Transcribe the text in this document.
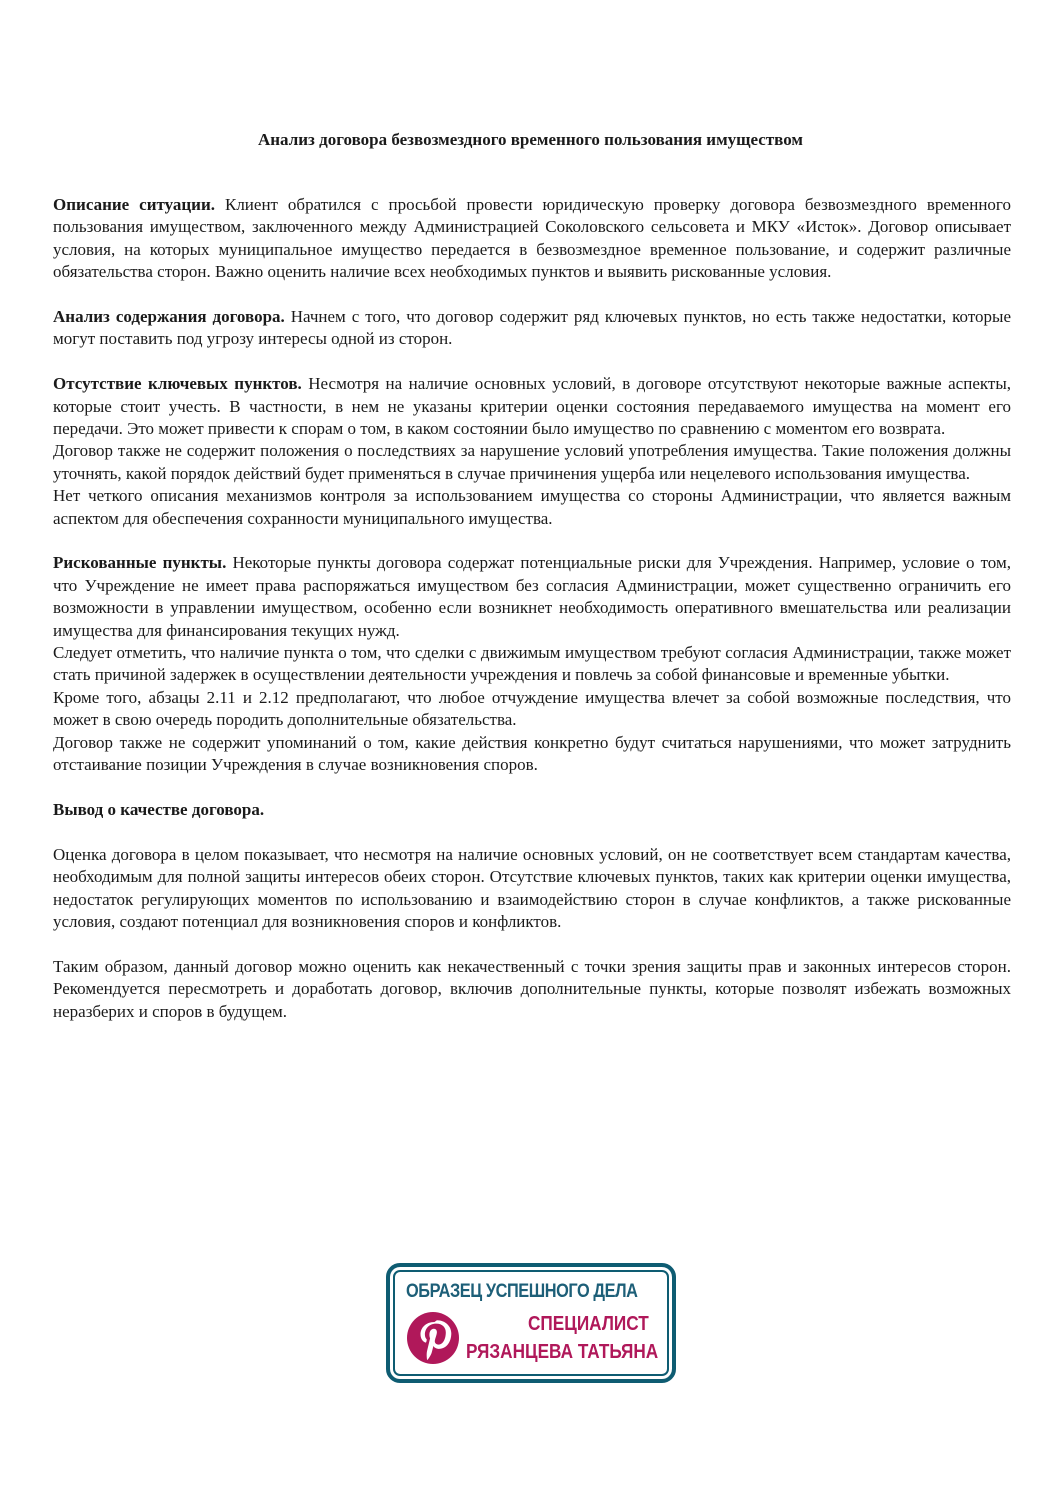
Анализ договора безвозмездного временного пользования имуществом

Описание ситуации. Клиент обратился с просьбой провести юридическую проверку договора безвозмездного временного пользования имуществом, заключенного между Администрацией Соколовского сельсовета и МКУ «Исток». Договор описывает условия, на которых муниципальное имущество передается в безвозмездное временное пользование, и содержит различные обязательства сторон. Важно оценить наличие всех необходимых пунктов и выявить рискованные условия.

Анализ содержания договора. Начнем с того, что договор содержит ряд ключевых пунктов, но есть также недостатки, которые могут поставить под угрозу интересы одной из сторон.

Отсутствие ключевых пунктов. Несмотря на наличие основных условий, в договоре отсутствуют некоторые важные аспекты, которые стоит учесть. В частности, в нем не указаны критерии оценки состояния передаваемого имущества на момент его передачи. Это может привести к спорам о том, в каком состоянии было имущество по сравнению с моментом его возврата.

Договор также не содержит положения о последствиях за нарушение условий употребления имущества. Такие положения должны уточнять, какой порядок действий будет применяться в случае причинения ущерба или нецелевого использования имущества.

Нет четкого описания механизмов контроля за использованием имущества со стороны Администрации, что является важным аспектом для обеспечения сохранности муниципального имущества.

Рискованные пункты. Некоторые пункты договора содержат потенциальные риски для Учреждения. Например, условие о том, что Учреждение не имеет права распоряжаться имуществом без согласия Администрации, может существенно ограничить его возможности в управлении имуществом, особенно если возникнет необходимость оперативного вмешательства или реализации имущества для финансирования текущих нужд.

Следует отметить, что наличие пункта о том, что сделки с движимым имуществом требуют согласия Администрации, также может стать причиной задержек в осуществлении деятельности учреждения и повлечь за собой финансовые и временные убытки.

Кроме того, абзацы 2.11 и 2.12 предполагают, что любое отчуждение имущества влечет за собой возможные последствия, что может в свою очередь породить дополнительные обязательства.

Договор также не содержит упоминаний о том, какие действия конкретно будут считаться нарушениями, что может затруднить отстаивание позиции Учреждения в случае возникновения споров.

Вывод о качестве договора.

Оценка договора в целом показывает, что несмотря на наличие основных условий, он не соответствует всем стандартам качества, необходимым для полной защиты интересов обеих сторон. Отсутствие ключевых пунктов, таких как критерии оценки имущества, недостаток регулирующих моментов по использованию и взаимодействию сторон в случае конфликтов, а также рискованные условия, создают потенциал для возникновения споров и конфликтов.

Таким образом, данный договор можно оценить как некачественный с точки зрения защиты прав и законных интересов сторон. Рекомендуется пересмотреть и доработать договор, включив дополнительные пункты, которые позволят избежать возможных неразберих и споров в будущем.

ОБРАЗЕЦ УСПЕШНОГО ДЕЛА
СПЕЦИАЛИСТ
РЯЗАНЦЕВА ТАТЬЯНА
